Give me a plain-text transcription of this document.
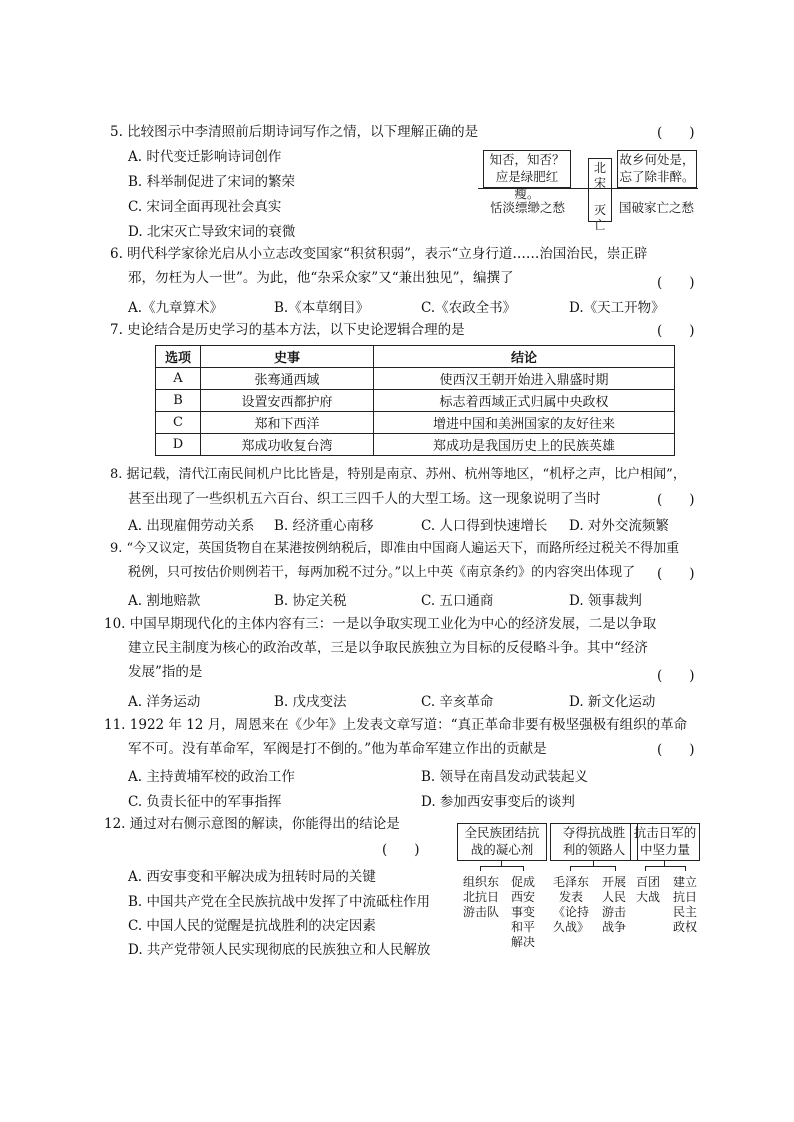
5. 比较图示中李清照前后期诗词写作之情，以下理解正确的是	(　　)
A. 时代变迁影响诗词创作
B. 科举制促进了宋词的繁荣
C. 宋词全面再现社会真实
D. 北宋灭亡导致宋词的衰微
知否，知否？
应是绿肥红瘦。
北宋
灭亡
故乡何处是，
忘了除非醉。
恬淡缥缈之愁	国破家亡之愁
6. 明代科学家徐光启从小立志改变国家“积贫积弱”，表示“立身行道……治国治民，崇正辟
邪，勿枉为人一世”。为此，他“杂采众家”又“兼出独见”，编撰了	(　　)
A.《九章算术》	B.《本草纲目》	C.《农政全书》	D.《天工开物》
7. 史论结合是历史学习的基本方法，以下史论逻辑合理的是	(　　)
选项	史事	结论
A	张骞通西域	使西汉王朝开始进入鼎盛时期
B	设置安西都护府	标志着西域正式归属中央政权
C	郑和下西洋	增进中国和美洲国家的友好往来
D	郑成功收复台湾	郑成功是我国历史上的民族英雄
8. 据记载，清代江南民间机户比比皆是，特别是南京、苏州、杭州等地区，“机杼之声，比户相闻”，
甚至出现了一些织机五六百台、织工三四千人的大型工场。这一现象说明了当时	(　　)
A. 出现雇佣劳动关系 B. 经济重心南移	C. 人口得到快速增长 D. 对外交流频繁
9. “今又议定，英国货物自在某港按例纳税后，即准由中国商人遍运天下，而路所经过税关不得加重
税例，只可按估价则例若干，每两加税不过分。”以上中英《南京条约》的内容突出体现了 (　　)
A. 割地赔款	B. 协定关税	C. 五口通商	D. 领事裁判
10. 中国早期现代化的主体内容有三：一是以争取实现工业化为中心的经济发展，二是以争取
建立民主制度为核心的政治改革，三是以争取民族独立为目标的反侵略斗争。其中“经济
发展”指的是	(　　)
A. 洋务运动	B. 戊戌变法	C. 辛亥革命	D. 新文化运动
11. 1922 年 12 月，周恩来在《少年》上发表文章写道：“真正革命非要有极坚强极有组织的革命
军不可。没有革命军，军阀是打不倒的。”他为革命军建立作出的贡献是	(　　)
A. 主持黄埔军校的政治工作	B. 领导在南昌发动武装起义
C. 负责长征中的军事指挥	D. 参加西安事变后的谈判
12. 通过对右侧示意图的解读，你能得出的结论是
(　　)
A. 西安事变和平解决成为扭转时局的关键
B. 中国共产党在全民族抗战中发挥了中流砥柱作用
C. 中国人民的觉醒是抗战胜利的决定因素
D. 共产党带领人民实现彻底的民族独立和人民解放
全民族团结抗
战的凝心剂
夺得抗战胜
利的领路人
抗击日军的
中坚力量
组织东北抗日游击队
促成西安事变和平解决
毛泽东发表《论持久战》
开展人民游击战争
百团大战
建立抗日民主政权
